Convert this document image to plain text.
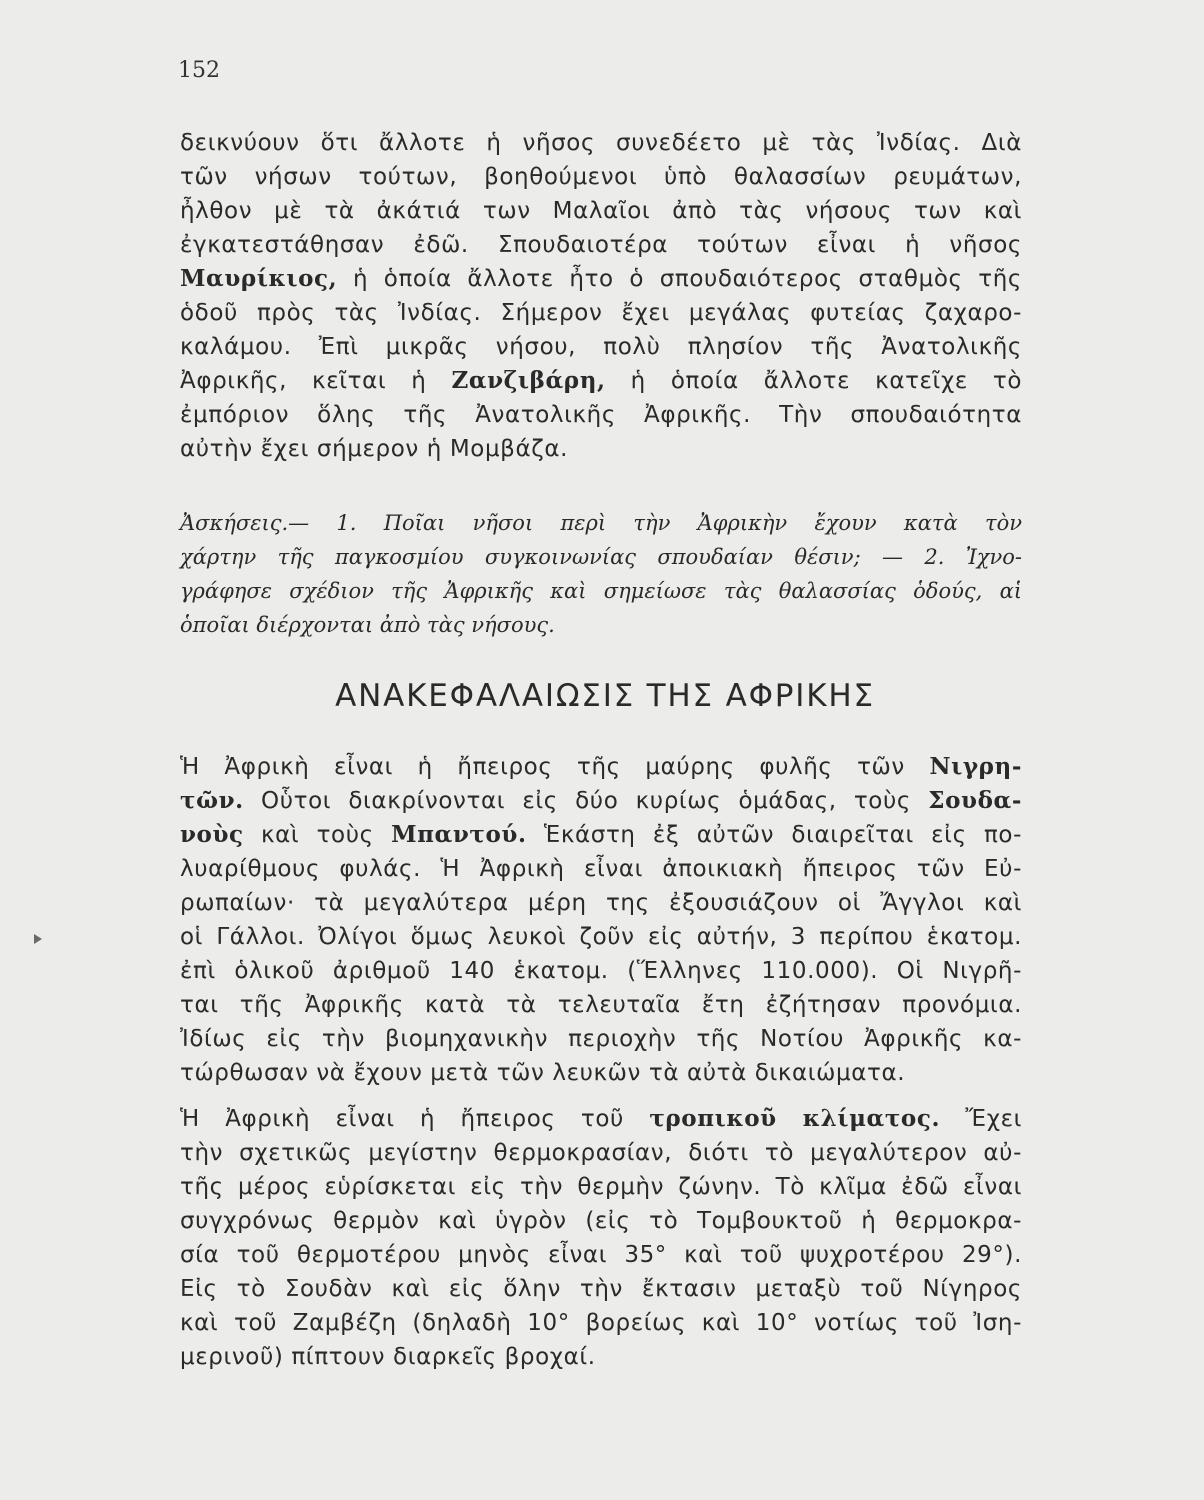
152
δεικνύουν ὅτι ἄλλοτε ἡ νῆσος συνεδέετο μὲ τὰς Ἰνδίας. Διὰ
τῶν νήσων τούτων, βοηθούμενοι ὑπὸ θαλασσίων ρευμάτων,
ἦλθον μὲ τὰ ἀκάτιά των Μαλαῖοι ἀπὸ τὰς νήσους των καὶ
ἐγκατεστάθησαν ἐδῶ. Σπουδαιοτέρα τούτων εἶναι ἡ νῆσος
Μαυρίκιος, ἡ ὁποία ἄλλοτε ἦτο ὁ σπουδαιότερος σταθμὸς τῆς
ὁδοῦ πρὸς τὰς Ἰνδίας. Σήμερον ἔχει μεγάλας φυτείας ζαχαρο-
καλάμου. Ἐπὶ μικρᾶς νήσου, πολὺ πλησίον τῆς Ἀνατολικῆς
Ἀφρικῆς, κεῖται ἡ Ζανζιβάρη, ἡ ὁποία ἄλλοτε κατεῖχε τὸ
ἐμπόριον ὅλης τῆς Ἀνατολικῆς Ἀφρικῆς. Τὴν σπουδαιότητα
αὐτὴν ἔχει σήμερον ἡ Μομβάζα.
Ἀσκήσεις.— 1. Ποῖαι νῆσοι περὶ τὴν Ἀφρικὴν ἔχουν κατὰ τὸν
χάρτην τῆς παγκοσμίου συγκοινωνίας σπουδαίαν θέσιν; — 2. Ἰχνο-
γράφησε σχέδιον τῆς Ἀφρικῆς καὶ σημείωσε τὰς θαλασσίας ὁδούς, αἱ
ὁποῖαι διέρχονται ἀπὸ τὰς νήσους.
ΑΝΑΚΕΦΑΛΑΙΩΣΙΣ ΤΗΣ ΑΦΡΙΚΗΣ
Ἡ Ἀφρικὴ εἶναι ἡ ἤπειρος τῆς μαύρης φυλῆς τῶν Νιγρη-
τῶν. Οὗτοι διακρίνονται εἰς δύο κυρίως ὁμάδας, τοὺς Σουδα-
νοὺς καὶ τοὺς Μπαντού. Ἑκάστη ἐξ αὐτῶν διαιρεῖται εἰς πο-
λυαρίθμους φυλάς. Ἡ Ἀφρικὴ εἶναι ἀποικιακὴ ἤπειρος τῶν Εὐ-
ρωπαίων· τὰ μεγαλύτερα μέρη της ἐξουσιάζουν οἱ Ἄγγλοι καὶ
οἱ Γάλλοι. Ὀλίγοι ὅμως λευκοὶ ζοῦν εἰς αὐτήν, 3 περίπου ἑκατομ.
ἐπὶ ὁλικοῦ ἀριθμοῦ 140 ἑκατομ. (Ἕλληνες 110.000). Οἱ Νιγρῆ-
ται τῆς Ἀφρικῆς κατὰ τὰ τελευταῖα ἔτη ἐζήτησαν προνόμια.
Ἰδίως εἰς τὴν βιομηχανικὴν περιοχὴν τῆς Νοτίου Ἀφρικῆς κα-
τώρθωσαν νὰ ἔχουν μετὰ τῶν λευκῶν τὰ αὐτὰ δικαιώματα.
Ἡ Ἀφρικὴ εἶναι ἡ ἤπειρος τοῦ τροπικοῦ κλίματος. Ἔχει
τὴν σχετικῶς μεγίστην θερμοκρασίαν, διότι τὸ μεγαλύτερον αὐ-
τῆς μέρος εὑρίσκεται εἰς τὴν θερμὴν ζώνην. Τὸ κλῖμα ἐδῶ εἶναι
συγχρόνως θερμὸν καὶ ὑγρὸν (εἰς τὸ Τομβουκτοῦ ἡ θερμοκρα-
σία τοῦ θερμοτέρου μηνὸς εἶναι 35° καὶ τοῦ ψυχροτέρου 29°).
Εἰς τὸ Σουδὰν καὶ εἰς ὅλην τὴν ἔκτασιν μεταξὺ τοῦ Νίγηρος
καὶ τοῦ Ζαμβέζη (δηλαδὴ 10° βορείως καὶ 10° νοτίως τοῦ Ἰση-
μερινοῦ) πίπτουν διαρκεῖς βροχαί.
